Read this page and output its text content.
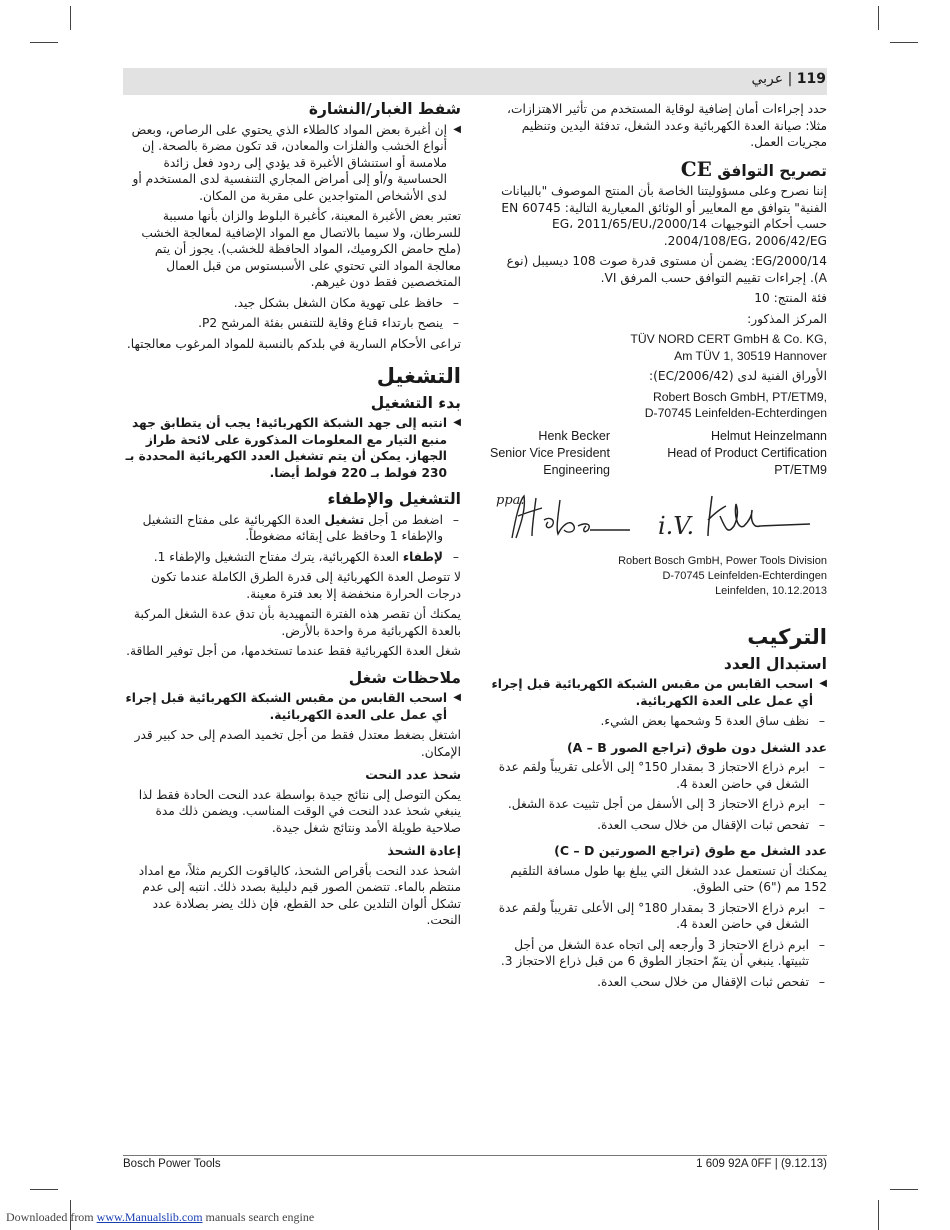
119 | عربي

حدد إجراءات أمان إضافية لوقاية المستخدم من تأثير الاهتزازات، مثلا: صيانة العدة الكهربائية وعدد الشغل، تدفئة اليدين وتنظيم مجريات العمل.

تصريح التوافق CE

إننا نصرح وعلى مسؤوليتنا الخاصة بأن المنتج الموصوف "بالبيانات الفنية" يتوافق مع المعايير أو الوثائق المعيارية التالية: EN 60745 حسب أحكام التوجيهات 2000/14/EG، 2011/65/EU، 2004/108/EG، 2006/42/EG.

2000/14/EG: يضمن أن مستوى قدرة صوت 108 ديسيبل (نوع A). إجراءات تقييم التوافق حسب المرفق VI.

فئة المنتج: 10

المركز المذكور:

TÜV NORD CERT GmbH & Co. KG,

Am TÜV 1, 30519 Hannover

الأوراق الفنية لدى (2006/42/EC):

Robert Bosch GmbH, PT/ETM9,

D-70745 Leinfelden-Echterdingen

Henk Becker
Senior Vice President
Engineering
Helmut Heinzelmann
Head of Product Certification
PT/ETM9
ppa.
i.V.
Robert Bosch GmbH, Power Tools Division
D-70745 Leinfelden-Echterdingen
Leinfelden, 10.12.2013
التركيب
استبدال العدد

◀ اسحب القابس من مقبس الشبكة الكهربائية قبل إجراء أي عمل على العدة الكهربائية.

– نظف ساق العدة 5 وشحمها بعض الشيء.

عدد الشغل دون طوق (تراجع الصور A – B)

– ابرم ذراع الاحتجاز 3 بمقدار 150° إلى الأعلى تقريباً ولقم عدة الشغل في حاضن العدة 4.

– ابرم ذراع الاحتجاز 3 إلى الأسفل من أجل تثبيت عدة الشغل.

– تفحص ثبات الإقفال من خلال سحب العدة.

عدد الشغل مع طوق (تراجع الصورتين C – D)

يمكنك أن تستعمل عدد الشغل التي يبلغ بها طول مسافة التلقيم 152 مم ("6) حتى الطوق.

– ابرم ذراع الاحتجاز 3 بمقدار 180° إلى الأعلى تقريباً ولقم عدة الشغل في حاضن العدة 4.

– ابرم ذراع الاحتجاز 3 وأرجعه إلى اتجاه عدة الشغل من أجل تثبيتها. ينبغي أن يتمّ احتجاز الطوق 6 من قبل ذراع الاحتجاز 3.

– تفحص ثبات الإقفال من خلال سحب العدة.

شفط الغبار/النشارة

◀ إن أغبرة بعض المواد كالطلاء الذي يحتوي على الرصاص، وبعض أنواع الخشب والفلزات والمعادن، قد تكون مضرة بالصحة. إن ملامسة أو استنشاق الأغبرة قد يؤدي إلى ردود فعل زائدة الحساسية و/أو إلى أمراض المجاري التنفسية لدى المستخدم أو لدى الأشخاص المتواجدين على مقربة من المكان.

تعتبر بعض الأغبرة المعينة، كأغبرة البلوط والزان بأنها مسببة للسرطان، ولا سيما بالاتصال مع المواد الإضافية لمعالجة الخشب (ملح حامض الكروميك، المواد الحافظة للخشب). يجوز أن يتم معالجة المواد التي تحتوي على الأسبستوس من قبل العمال المتخصصين فقط دون غيرهم.

– حافظ على تهوية مكان الشغل بشكل جيد.

– ينصح بارتداء قناع وقاية للتنفس بفئة المرشح P2.

تراعى الأحكام السارية في بلدكم بالنسبة للمواد المرغوب معالجتها.

التشغيل
بدء التشغيل

◀ انتبه إلى جهد الشبكة الكهربائية! يجب أن يتطابق جهد منبع التيار مع المعلومات المذكورة على لائحة طراز الجهاز. يمكن أن يتم تشغيل العدد الكهربائية المحددة بـ 230 فولط بـ 220 فولط أيضا.

التشغيل والإطفاء

– اضغط من أجل تشغيل العدة الكهربائية على مفتاح التشغيل والإطفاء 1 وحافظ على إبقائه مضغوطاً.

– لإطفاء العدة الكهربائية، يترك مفتاح التشغيل والإطفاء 1.

لا تتوصل العدة الكهربائية إلى قدرة الطرق الكاملة عندما تكون درجات الحرارة منخفضة إلا بعد فترة معينة.

يمكنك أن تقصر هذه الفترة التمهيدية بأن تدق عدة الشغل المركبة بالعدة الكهربائية مرة واحدة بالأرض.

شغل العدة الكهربائية فقط عندما تستخدمها، من أجل توفير الطاقة.

ملاحظات شغل

◀ اسحب القابس من مقبس الشبكة الكهربائية قبل إجراء أي عمل على العدة الكهربائية.

اشتغل بضغط معتدل فقط من أجل تخميد الصدم إلى حد كبير قدر الإمكان.

شحذ عدد النحت

يمكن التوصل إلى نتائج جيدة بواسطة عدد النحت الحادة فقط لذا ينبغي شحذ عدد النحت في الوقت المناسب. ويضمن ذلك مدة صلاحية طويلة الأمد ونتائج شغل جيدة.

إعادة الشحذ

اشحذ عدد النحت بأقراص الشحذ، كالياقوت الكريم مثلاً، مع امداد منتظم بالماء. تتضمن الصور قيم دليلية بصدد ذلك. انتبه إلى عدم تشكل ألوان التلدين على حد القطع، فإن ذلك يضر بصلادة عدد النحت.

Bosch Power Tools	1 609 92A 0FF | (9.12.13)
Downloaded from www.Manualslib.com manuals search engine
